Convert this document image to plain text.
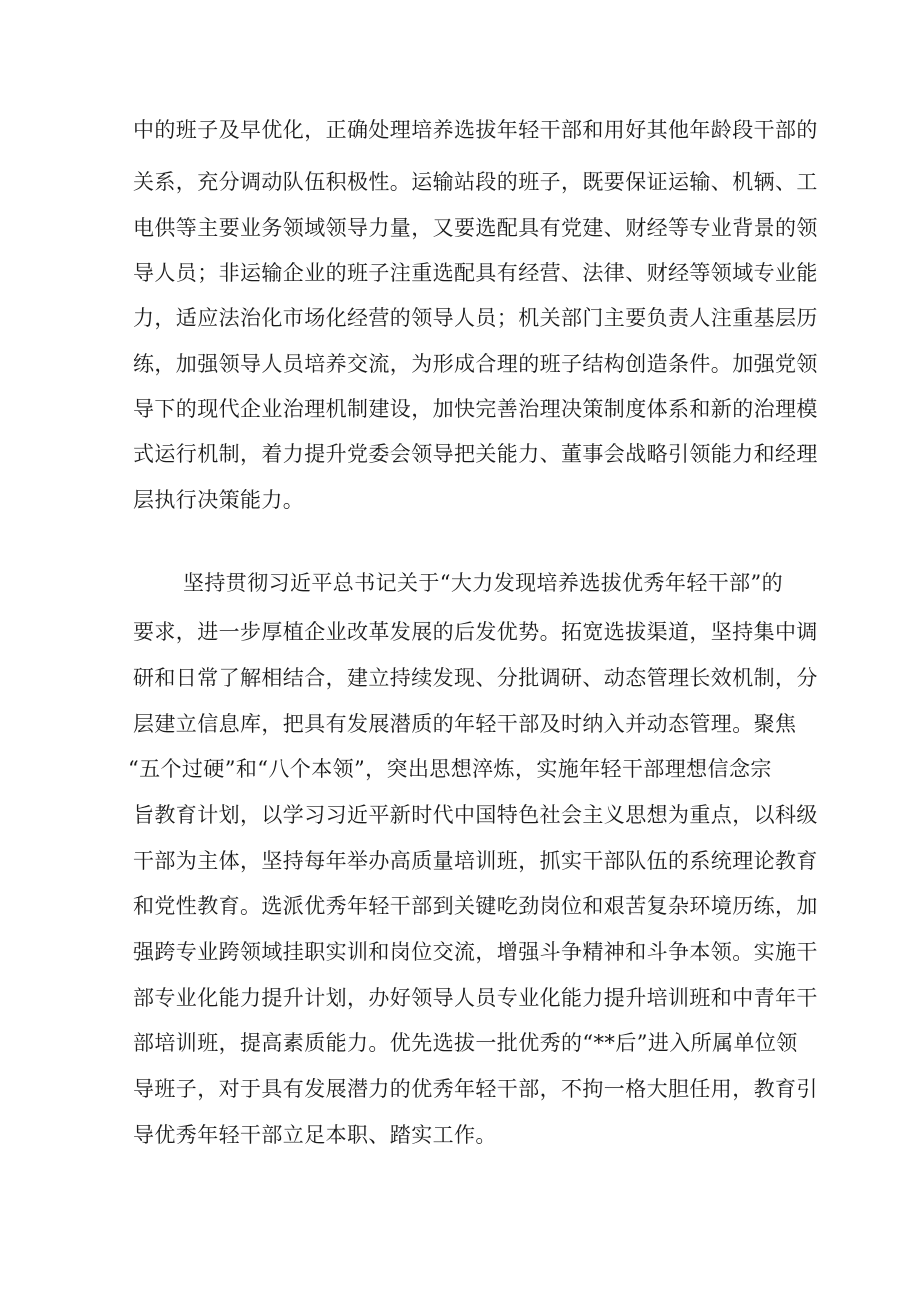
中的班子及早优化，正确处理培养选拔年轻干部和用好其他年龄段干部的

关系，充分调动队伍积极性。运输站段的班子，既要保证运输、机辆、工

电供等主要业务领域领导力量，又要选配具有党建、财经等专业背景的领

导人员；非运输企业的班子注重选配具有经营、法律、财经等领域专业能

力，适应法治化市场化经营的领导人员；机关部门主要负责人注重基层历

练，加强领导人员培养交流，为形成合理的班子结构创造条件。加强党领

导下的现代企业治理机制建设，加快完善治理决策制度体系和新的治理模

式运行机制，着力提升党委会领导把关能力、董事会战略引领能力和经理

层执行决策能力。

坚持贯彻习近平总书记关于“大力发现培养选拔优秀年轻干部”的

要求，进一步厚植企业改革发展的后发优势。拓宽选拔渠道，坚持集中调

研和日常了解相结合，建立持续发现、分批调研、动态管理长效机制，分

层建立信息库，把具有发展潜质的年轻干部及时纳入并动态管理。聚焦

“五个过硬”和“八个本领”，突出思想淬炼，实施年轻干部理想信念宗

旨教育计划，以学习习近平新时代中国特色社会主义思想为重点，以科级

干部为主体，坚持每年举办高质量培训班，抓实干部队伍的系统理论教育

和党性教育。选派优秀年轻干部到关键吃劲岗位和艰苦复杂环境历练，加

强跨专业跨领域挂职实训和岗位交流，增强斗争精神和斗争本领。实施干

部专业化能力提升计划，办好领导人员专业化能力提升培训班和中青年干

部培训班，提高素质能力。优先选拔一批优秀的“**后”进入所属单位领

导班子，对于具有发展潜力的优秀年轻干部，不拘一格大胆任用，教育引

导优秀年轻干部立足本职、踏实工作。
